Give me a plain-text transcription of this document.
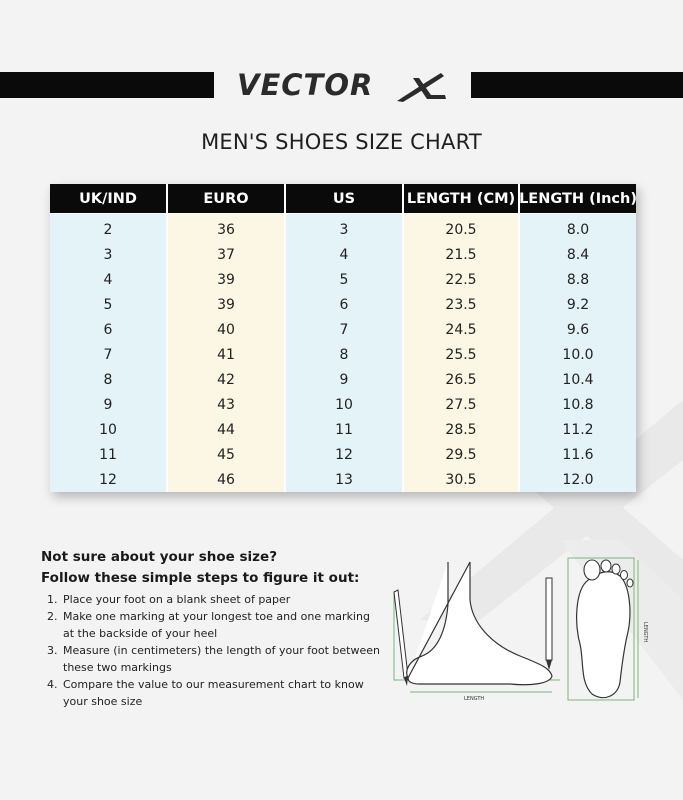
VECTOR
MEN'S SHOES SIZE CHART
UK/IND
2
3
4
5
6
7
8
9
10
11
12
EURO
36
37
39
39
40
41
42
43
44
45
46
US
3
4
5
6
7
8
9
10
11
12
13
LENGTH (CM)
20.5
21.5
22.5
23.5
24.5
25.5
26.5
27.5
28.5
29.5
30.5
LENGTH (Inch)
8.0
8.4
8.8
9.2
9.6
10.0
10.4
10.8
11.2
11.6
12.0
Not sure about your shoe size?
Follow these simple steps to figure it out:
1. Place your foot on a blank sheet of paper
2. Make one marking at your longest toe and one marking at the backside of your heel
3. Measure (in centimeters) the length of your foot between these two markings
4. Compare the value to our measurement chart to know your shoe size	LENGTH
LENGTH
